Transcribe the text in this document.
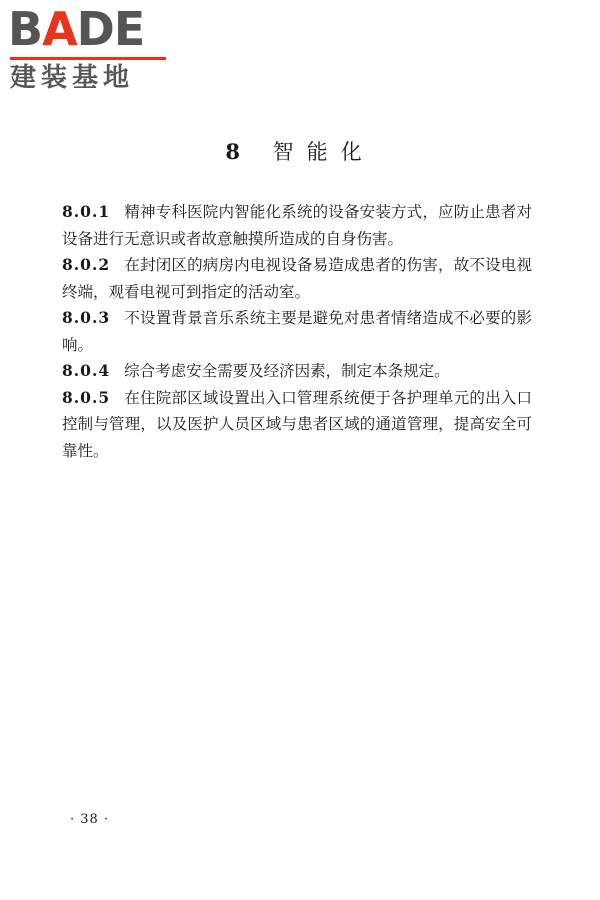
BADE
建装基地
8 智能化

8.0.1 精神专科医院内智能化系统的设备安装方式，应防止患者对设备进行无意识或者故意触摸所造成的自身伤害。

8.0.2 在封闭区的病房内电视设备易造成患者的伤害，故不设电视终端，观看电视可到指定的活动室。

8.0.3 不设置背景音乐系统主要是避免对患者情绪造成不必要的影响。

8.0.4 综合考虑安全需要及经济因素，制定本条规定。

8.0.5 在住院部区域设置出入口管理系统便于各护理单元的出入口控制与管理，以及医护人员区域与患者区域的通道管理，提高安全可靠性。

· 38 ·
